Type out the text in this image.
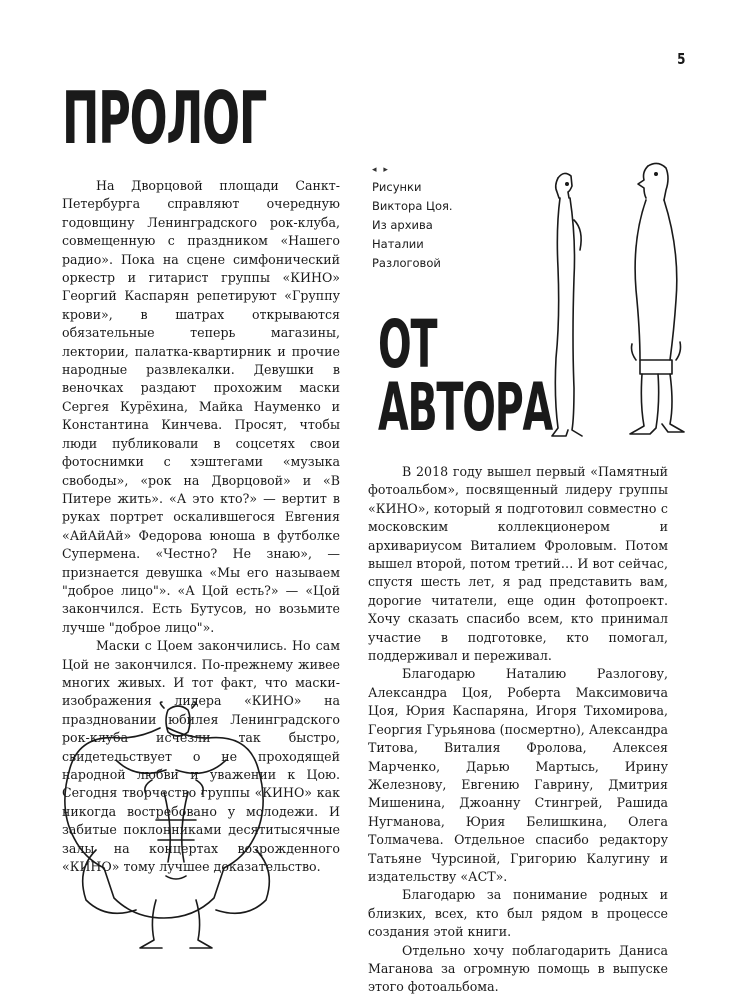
5
ПРОЛОГ

На Дворцовой площади Санкт-Петербурга справляют очередную годовщину Ленинградского рок-клуба, совмещенную с праздником «Нашего радио». Пока на сцене симфонический оркестр и гитарист группы «КИНО» Георгий Каспарян репетируют «Группу крови», в шатрах открываются обязательные теперь магазины, лектории, палатка-квартирник и прочие народные развлекалки. Девушки в веночках раздают прохожим маски Сергея Курёхина, Майка Науменко и Константина Кинчева. Просят, чтобы люди публиковали в соцсетях свои фотоснимки с хэштегами «музыка свободы», «рок на Дворцовой» и «В Питере жить». «А это кто?» — вертит в руках портрет оскалившегося Евгения «АйАйАй» Федорова юноша в футболке Супермена. «Честно? Не знаю», — признается девушка «Мы его называем "доброе лицо"». «А Цой есть?» — «Цой закончился. Есть Бутусов, но возьмите лучше "доброе лицо"».

Маски с Цоем закончились. Но сам Цой не закончился. По-прежнему живее многих живых. И тот факт, что маски-изображения лидера «КИНО» на праздновании юбилея Ленинградского рок-клуба исчезли так быстро, свидетельствует о не проходящей народной любви и уважении к Цою. Сегодня творчество группы «КИНО» как никогда востребовано у молодежи. И забитые поклонниками десятитысячные залы на концертах возрожденного «КИНО» тому лучшее доказательство.

◂ ▸
Рисунки
Виктора Цоя.
Из архива
Наталии
Разлоговой
ОТ
АВТОРА

В 2018 году вышел первый «Памятный фотоальбом», посвященный лидеру группы «КИНО», который я подготовил совместно с московским коллекционером и архивариусом Виталием Фроловым. Потом вышел второй, потом третий… И вот сейчас, спустя шесть лет, я рад представить вам, дорогие читатели, еще один фотопроект. Хочу сказать спасибо всем, кто принимал участие в подготовке, кто помогал, поддерживал и переживал.

Благодарю Наталию Разлогову, Александра Цоя, Роберта Максимовича Цоя, Юрия Каспаряна, Игоря Тихомирова, Георгия Гурьянова (посмертно), Александра Титова, Виталия Фролова, Алексея Марченко, Дарью Мартысь, Ирину Железнову, Евгению Гаврину, Дмитрия Мишенина, Джоанну Стингрей, Рашида Нугманова, Юрия Белишкина, Олега Толмачева. Отдельное спасибо редактору Татьяне Чурсиной, Григорию Калугину и издательству «АСТ».

Благодарю за понимание родных и близких, всех, кто был рядом в процессе создания этой книги.

Отдельно хочу поблагодарить Даниса Маганова за огромную помощь в выпуске этого фотоальбома.
